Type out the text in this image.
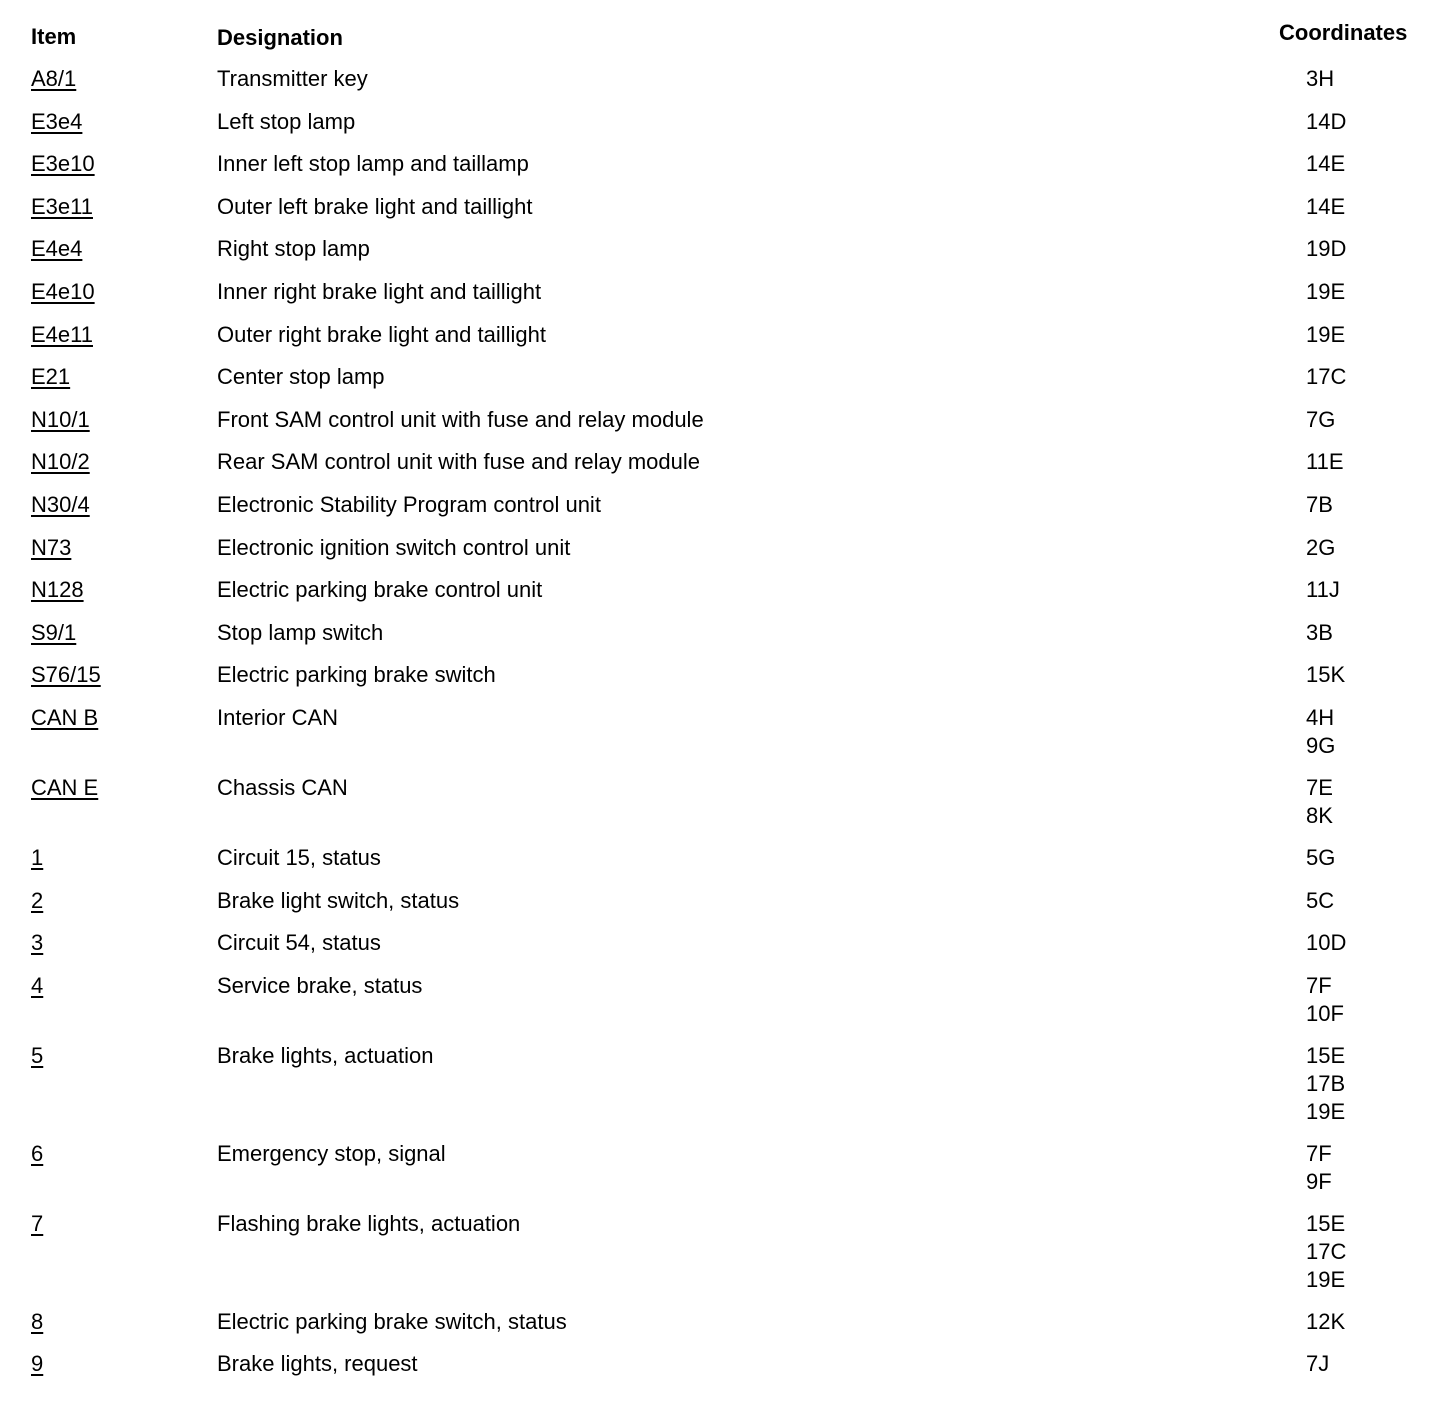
Item	Designation	Coordinates
A8/1	Transmitter key	3H
E3e4	Left stop lamp	14D
E3e10	Inner left stop lamp and taillamp	14E
E3e11	Outer left brake light and taillight	14E
E4e4	Right stop lamp	19D
E4e10	Inner right brake light and taillight	19E
E4e11	Outer right brake light and taillight	19E
E21	Center stop lamp	17C
N10/1	Front SAM control unit with fuse and relay module	7G
N10/2	Rear SAM control unit with fuse and relay module	11E
N30/4	Electronic Stability Program control unit	7B
N73	Electronic ignition switch control unit	2G
N128	Electric parking brake control unit	11J
S9/1	Stop lamp switch	3B
S76/15	Electric parking brake switch	15K
CAN B	Interior CAN	4H
9G
CAN E	Chassis CAN	7E
8K
1	Circuit 15, status	5G
2	Brake light switch, status	5C
3	Circuit 54, status	10D
4	Service brake, status	7F
10F
5	Brake lights, actuation	15E
17B
19E
6	Emergency stop, signal	7F
9F
7	Flashing brake lights, actuation	15E
17C
19E
8	Electric parking brake switch, status	12K
9	Brake lights, request	7J
